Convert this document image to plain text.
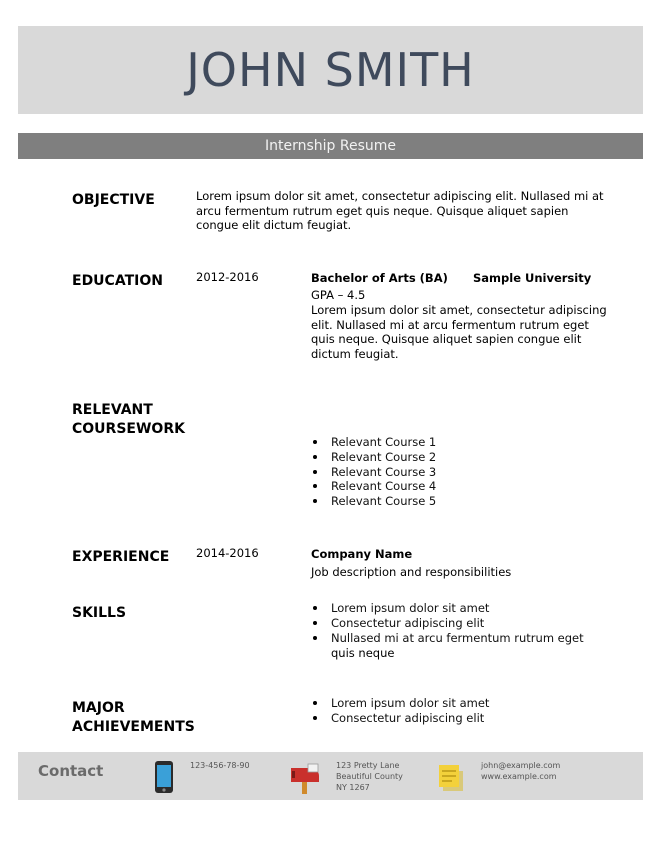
JOHN SMITH
Internship Resume
OBJECTIVE	Lorem ipsum dolor sit amet, consectetur adipiscing elit. Nullased mi at
arcu fermentum rutrum eget quis neque. Quisque aliquet sapien
congue elit dictum feugiat.
EDUCATION	2012-2016	Bachelor of Arts (BA) Sample University
GPA – 4.5
Lorem ipsum dolor sit amet, consectetur adipiscing
elit. Nullased mi at arcu fermentum rutrum eget
quis neque. Quisque aliquet sapien congue elit
dictum feugiat.
RELEVANT
COURSEWORK
Relevant Course 1
Relevant Course 2
Relevant Course 3
Relevant Course 4
Relevant Course 5
EXPERIENCE 2014-2016	Company Name
Job description and responsibilities
SKILLS	Lorem ipsum dolor sit amet
Consectetur adipiscing elit
Nullased mi at arcu fermentum rutrum eget
quis neque
MAJOR
ACHIEVEMENTS
Lorem ipsum dolor sit amet
Consectetur adipiscing elit
Contact	123-456-78-90	123 Pretty Lane
Beautiful County
NY 1267
john@example.com
www.example.com
